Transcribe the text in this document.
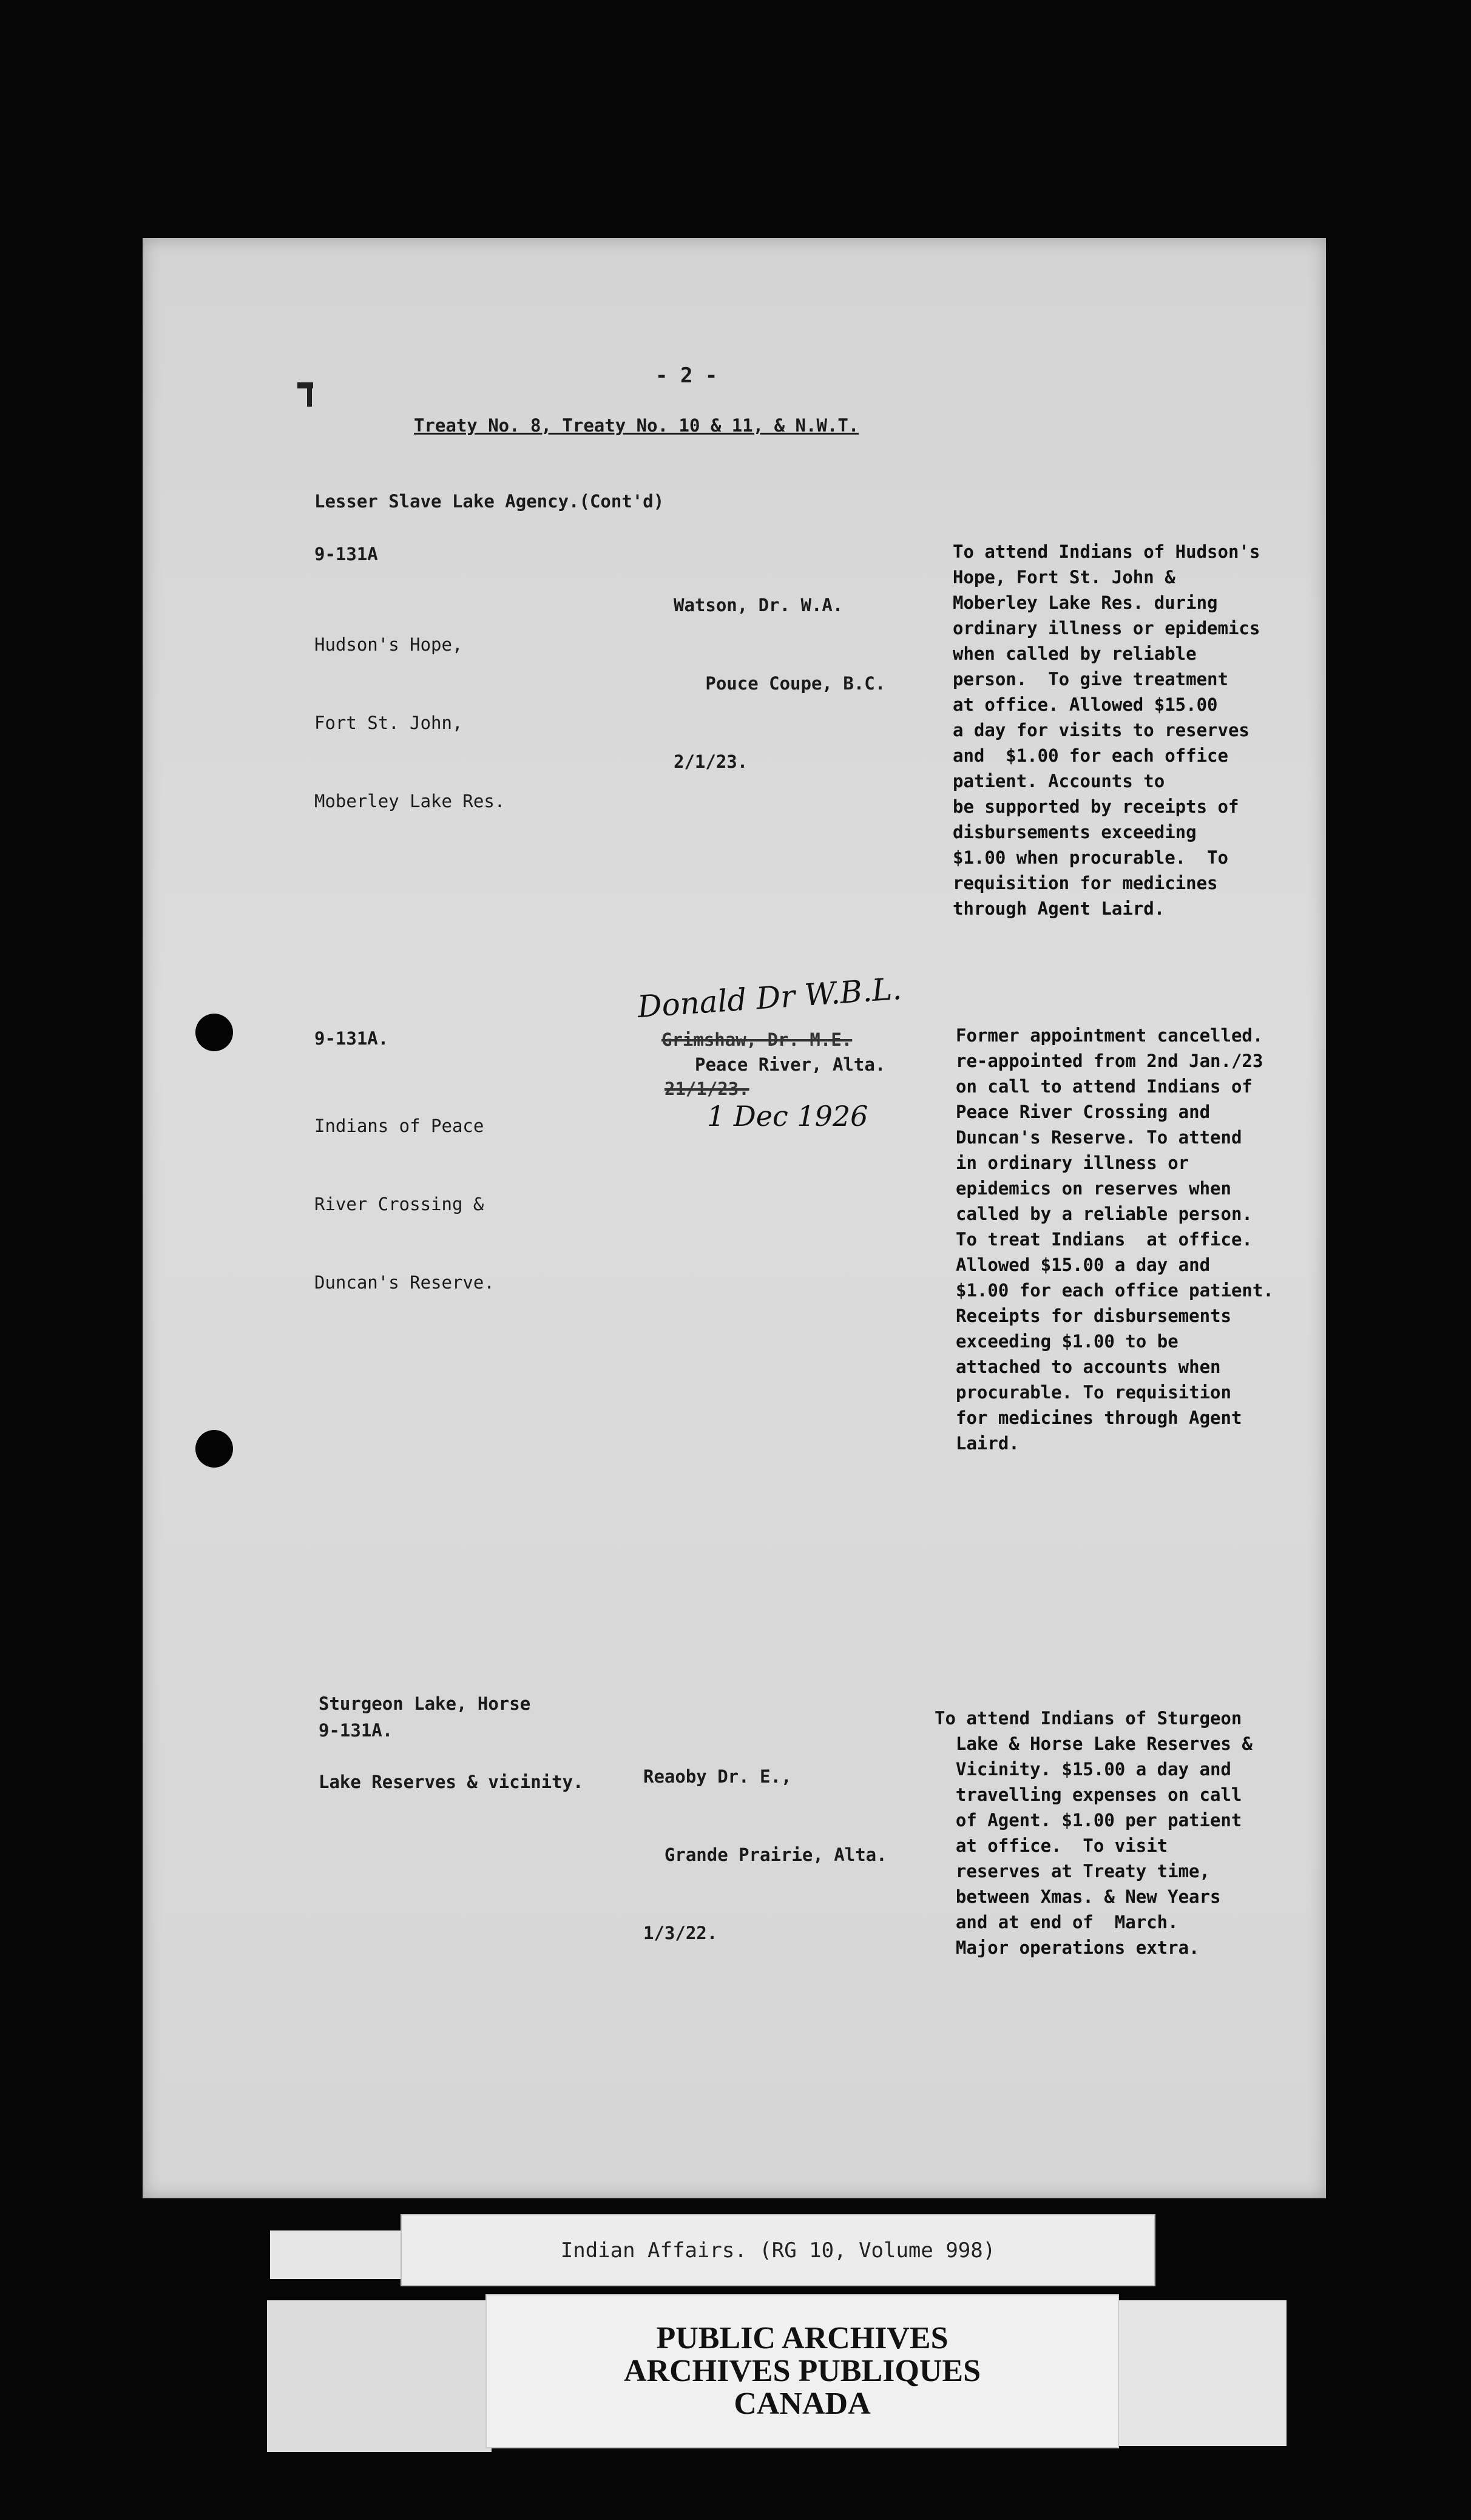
- 2 -
Treaty No. 8, Treaty No. 10 & 11, & N.W.T.
Lesser Slave Lake Agency.(Cont'd)
9-131A

Hudson's Hope,

Fort St. John,

Moberley Lake Res.

Watson, Dr. W.A.

Pouce Coupe, B.C.

2/1/23.

To attend Indians of Hudson's
Hope, Fort St. John &
Moberley Lake Res. during
ordinary illness or epidemics
when called by reliable
person.  To give treatment
at office. Allowed $15.00
a day for visits to reserves
and  $1.00 for each office
patient. Accounts to
be supported by receipts of
disbursements exceeding
$1.00 when procurable.  To
requisition for medicines
through Agent Laird.
9-131A.

Indians of Peace

River Crossing &

Duncan's Reserve.

Donald Dr W.B.L.
Grimshaw, Dr. M.E.
Peace River, Alta.
21/1/23.
1 Dec 1926
Former appointment cancelled.
re-appointed from 2nd Jan./23
on call to attend Indians of
Peace River Crossing and
Duncan's Reserve. To attend
in ordinary illness or
epidemics on reserves when
called by a reliable person.
To treat Indians  at office.
Allowed $15.00 a day and
$1.00 for each office patient.
Receipts for disbursements
exceeding $1.00 to be
attached to accounts when
procurable. To requisition
for medicines through Agent
Laird.

Sturgeon Lake, Horse

Lake Reserves & vicinity.

9-131A.

Reaoby Dr. E.,

Grande Prairie, Alta.

1/3/22.

To attend Indians of Sturgeon
Lake & Horse Lake Reserves &
Vicinity. $15.00 a day and
travelling expenses on call
of Agent. $1.00 per patient
at office.  To visit
reserves at Treaty time,
between Xmas. & New Years
and at end of  March.
Major operations extra.
Indian Affairs. (RG 10, Volume 998)
PUBLIC ARCHIVES
ARCHIVES PUBLIQUES
CANADA
